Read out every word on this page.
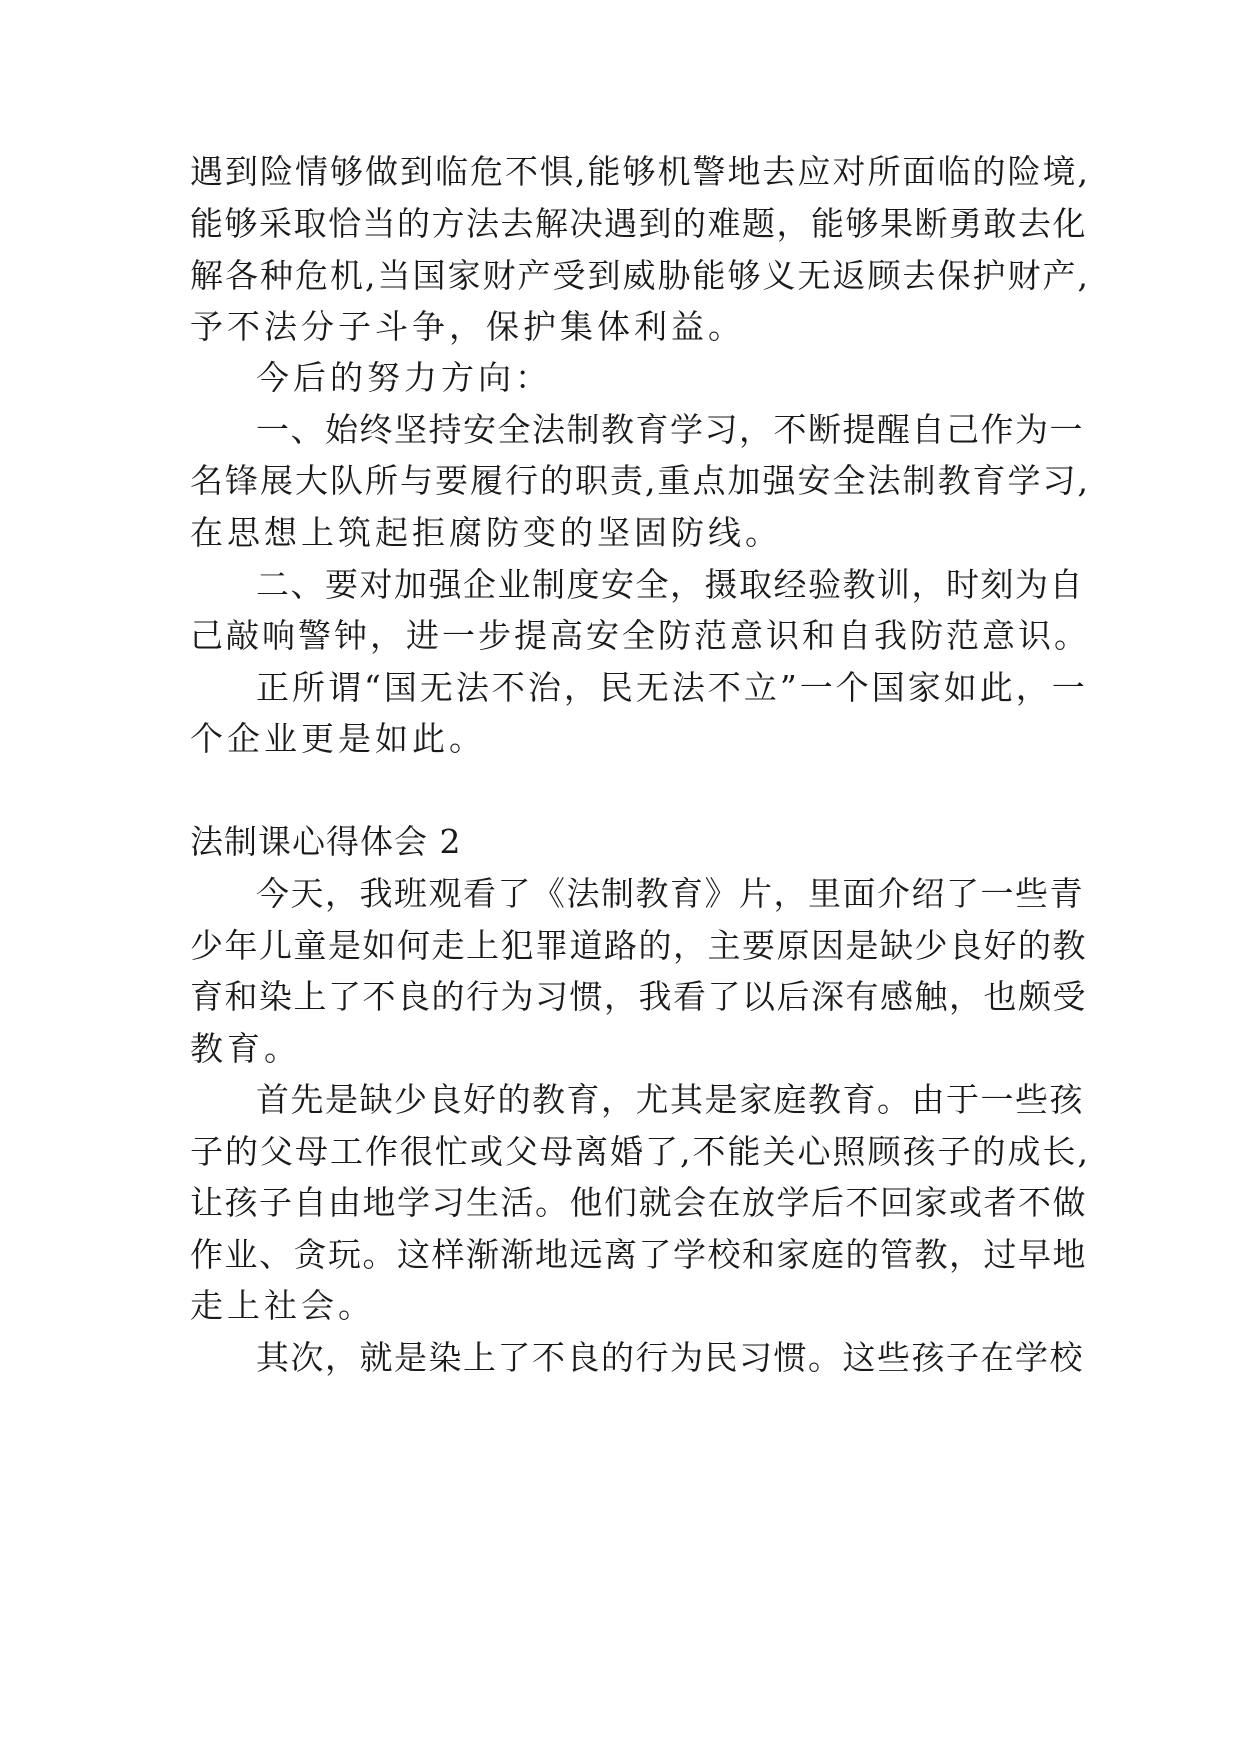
遇到险情够做到临危不惧,能够机警地去应对所面临的险境,
能够采取恰当的方法去解决遇到的难题，能够果断勇敢去化
解各种危机,当国家财产受到威胁能够义无返顾去保护财产,
予不法分子斗争，保护集体利益。
今后的努力方向：
一、始终坚持安全法制教育学习，不断提醒自己作为一
名锋展大队所与要履行的职责,重点加强安全法制教育学习,
在思想上筑起拒腐防变的坚固防线。
二、要对加强企业制度安全，摄取经验教训，时刻为自
己敲响警钟，进一步提高安全防范意识和自我防范意识。
正所谓“国无法不治，民无法不立”一个国家如此，一
个企业更是如此。
法制课心得体会 2
今天，我班观看了《法制教育》片，里面介绍了一些青
少年儿童是如何走上犯罪道路的，主要原因是缺少良好的教
育和染上了不良的行为习惯，我看了以后深有感触，也颇受
教育。
首先是缺少良好的教育，尤其是家庭教育。由于一些孩
子的父母工作很忙或父母离婚了,不能关心照顾孩子的成长,
让孩子自由地学习生活。他们就会在放学后不回家或者不做
作业、贪玩。这样渐渐地远离了学校和家庭的管教，过早地
走上社会。
其次，就是染上了不良的行为民习惯。这些孩子在学校
